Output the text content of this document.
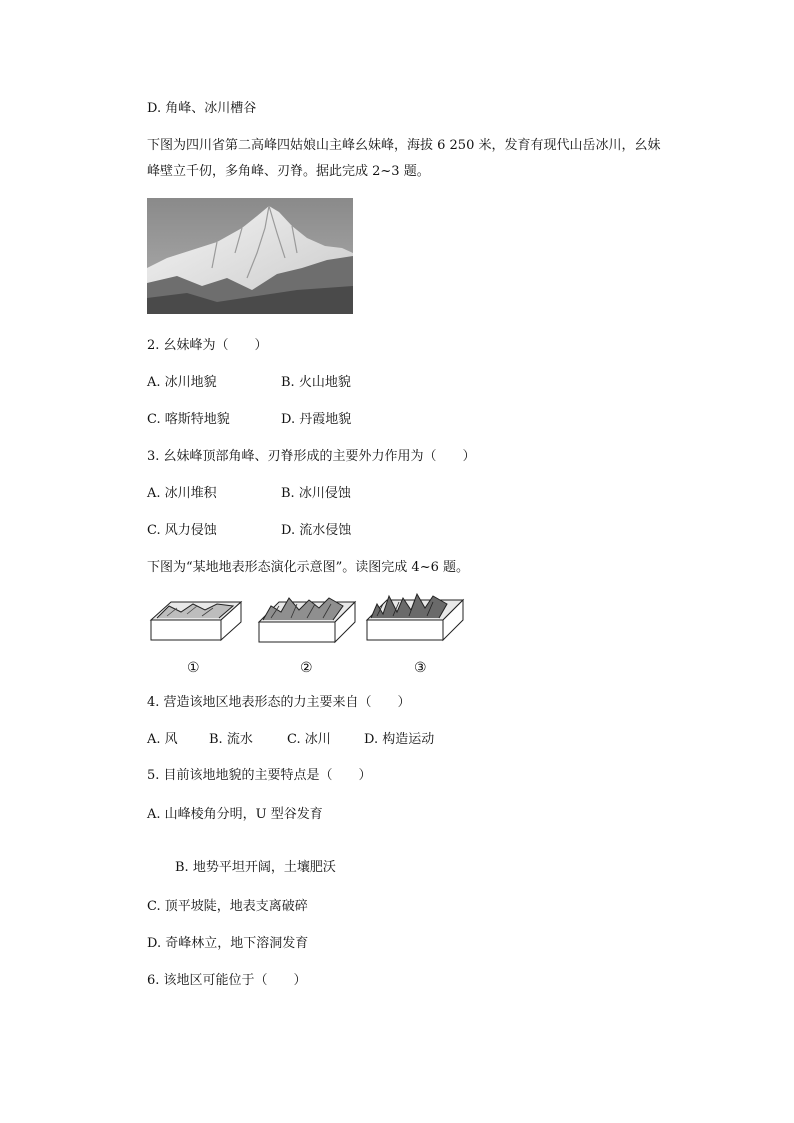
D. 角峰、冰川槽谷
下图为四川省第二高峰四姑娘山主峰幺妹峰，海拔 6 250 米，发育有现代山岳冰川，幺妹峰壁立千仞，多角峰、刃脊。据此完成 2~3 题。
2. 幺妹峰为（　　）
A. 冰川地貌	B. 火山地貌
C. 喀斯特地貌	D. 丹霞地貌
3. 幺妹峰顶部角峰、刃脊形成的主要外力作用为（　　）
A. 冰川堆积	B. 冰川侵蚀
C. 风力侵蚀	D. 流水侵蚀
下图为“某地地表形态演化示意图”。读图完成 4~6 题。
①	②	③
4. 营造该地区地表形态的力主要来自（　　）
A. 风 B. 流水	C. 冰川	D. 构造运动
5. 目前该地地貌的主要特点是（　　）
A. 山峰棱角分明，U 型谷发育
B. 地势平坦开阔，土壤肥沃
C. 顶平坡陡，地表支离破碎
D. 奇峰林立，地下溶洞发育
6. 该地区可能位于（　　）
